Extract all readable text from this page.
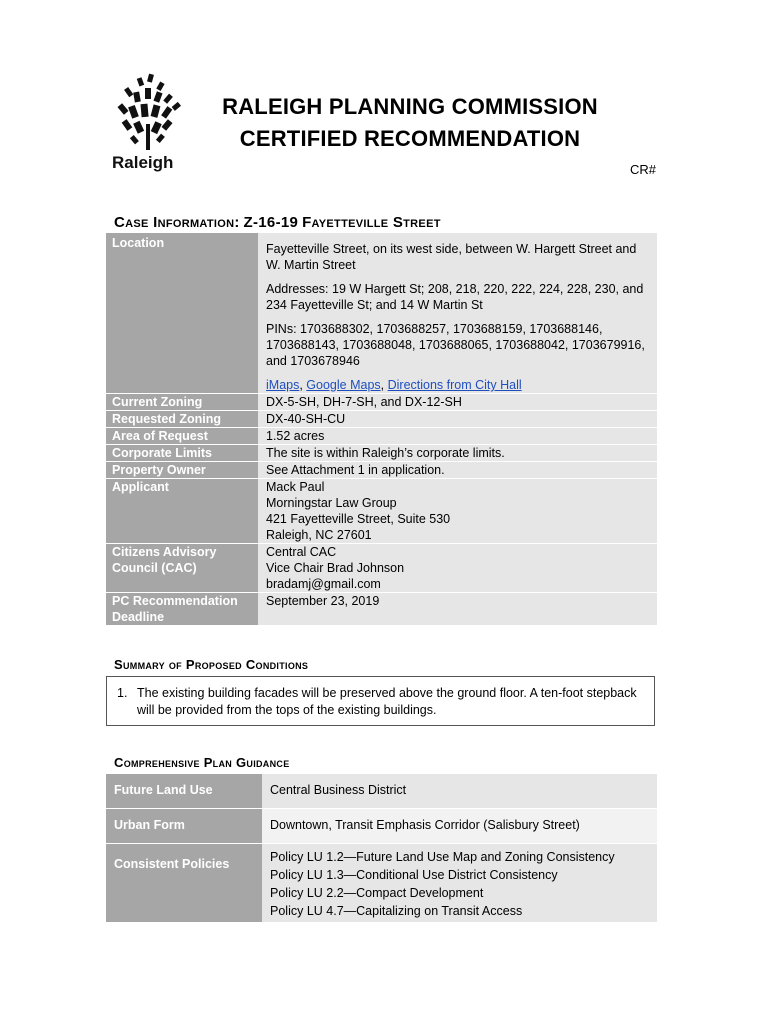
Raleigh
RALEIGH PLANNING COMMISSION
CERTIFIED RECOMMENDATION
CR#
Case Information: Z-16-19 Fayetteville Street
Location	Fayetteville Street, on its west side, between W. Hargett Street and W. Martin Street

Addresses: 19 W Hargett St; 208, 218, 220, 222, 224, 228, 230, and 234 Fayetteville St; and 14 W Martin St

PINs: 1703688302, 1703688257, 1703688159, 1703688146, 1703688143, 1703688048, 1703688065, 1703688042, 1703679916, and 1703678946

iMaps, Google Maps, Directions from City Hall

Current Zoning	DX-5-SH, DH-7-SH, and DX-12-SH
Requested Zoning	DX-40-SH-CU
Area of Request	1.52 acres
Corporate Limits	The site is within Raleigh’s corporate limits.
Property Owner	See Attachment 1 in application.
Applicant	Mack Paul
Morningstar Law Group
421 Fayetteville Street, Suite 530
Raleigh, NC 27601

Citizens Advisory Council (CAC)	Central CAC
Vice Chair Brad Johnson
bradamj@gmail.com

PC Recommendation Deadline	September 23, 2019
Summary of Proposed Conditions
1. The existing building facades will be preserved above the ground floor. A ten-foot stepback will be provided from the tops of the existing buildings.
Comprehensive Plan Guidance
Future Land Use	Central Business District
Urban Form	Downtown, Transit Emphasis Corridor (Salisbury Street)
Consistent Policies	Policy LU 1.2—Future Land Use Map and Zoning Consistency
Policy LU 1.3—Conditional Use District Consistency
Policy LU 2.2—Compact Development
Policy LU 4.7—Capitalizing on Transit Access
